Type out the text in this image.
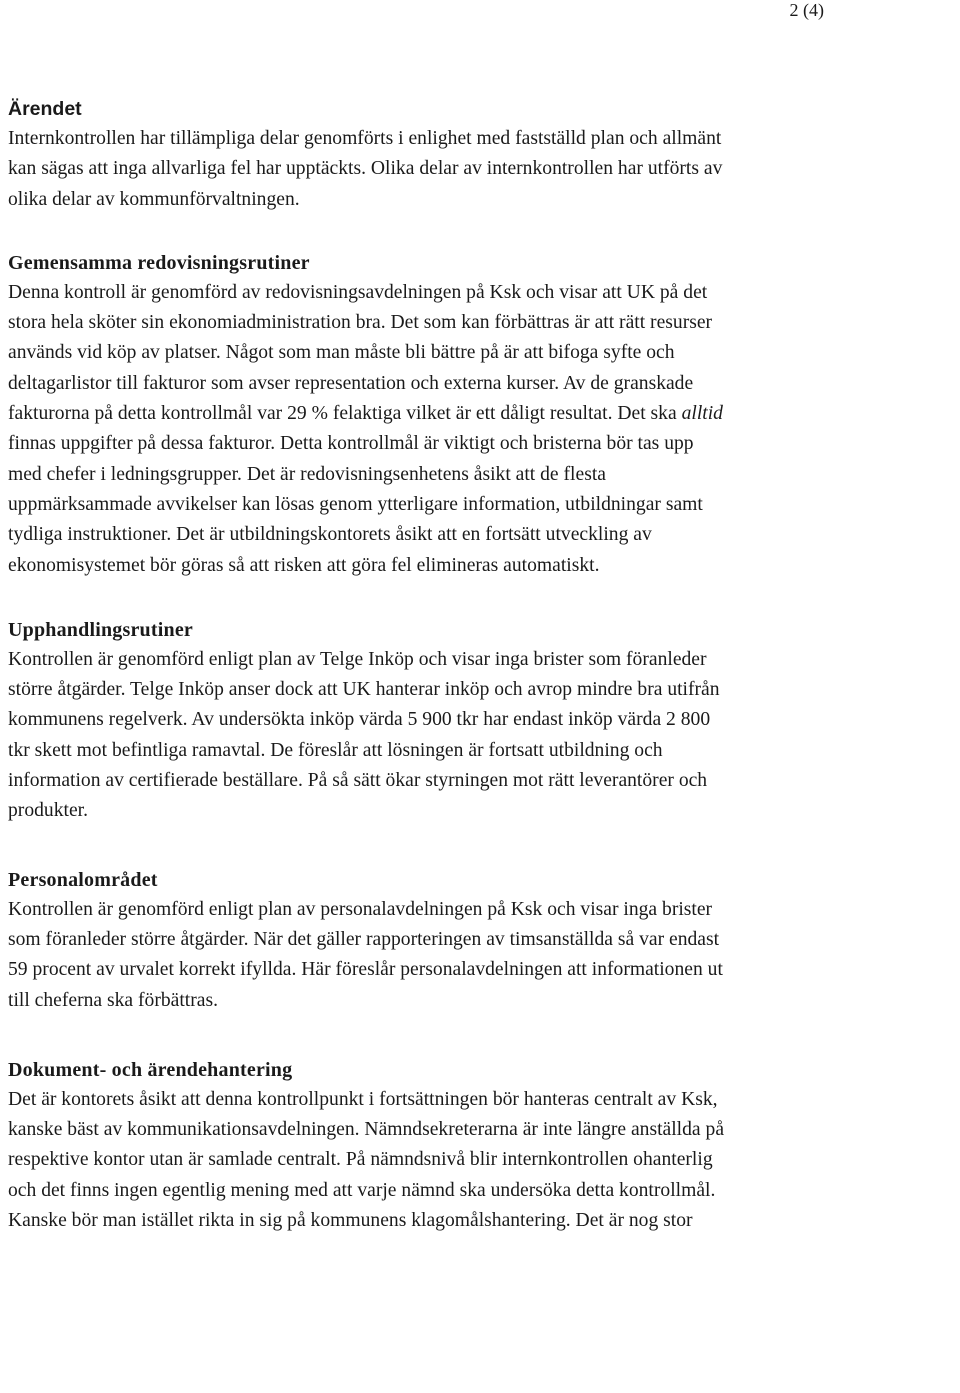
2 (4)
Ärendet
Internkontrollen har tillämpliga delar genomförts i enlighet med fastställd plan och allmänt
kan sägas att inga allvarliga fel har upptäckts. Olika delar av internkontrollen har utförts av
olika delar av kommunförvaltningen.
Gemensamma redovisningsrutiner
Denna kontroll är genomförd av redovisningsavdelningen på Ksk och visar att UK på det
stora hela sköter sin ekonomiadministration bra. Det som kan förbättras är att rätt resurser
används vid köp av platser. Något som man måste bli bättre på är att bifoga syfte och
deltagarlistor till fakturor som avser representation och externa kurser. Av de granskade
fakturorna på detta kontrollmål var 29 % felaktiga vilket är ett dåligt resultat. Det ska alltid
finnas uppgifter på dessa fakturor. Detta kontrollmål är viktigt och bristerna bör tas upp
med chefer i ledningsgrupper. Det är redovisningsenhetens åsikt att de flesta
uppmärksammade avvikelser kan lösas genom ytterligare information, utbildningar samt
tydliga instruktioner. Det är utbildningskontorets åsikt att en fortsätt utveckling av
ekonomisystemet bör göras så att risken att göra fel elimineras automatiskt.
Upphandlingsrutiner
Kontrollen är genomförd enligt plan av Telge Inköp och visar inga brister som föranleder
större åtgärder. Telge Inköp anser dock att UK hanterar inköp och avrop mindre bra utifrån
kommunens regelverk. Av undersökta inköp värda 5 900 tkr har endast inköp värda 2 800
tkr skett mot befintliga ramavtal. De föreslår att lösningen är fortsatt utbildning och
information av certifierade beställare. På så sätt ökar styrningen mot rätt leverantörer och
produkter.
Personalområdet
Kontrollen är genomförd enligt plan av personalavdelningen på Ksk och visar inga brister
som föranleder större åtgärder. När det gäller rapporteringen av timsanställda så var endast
59 procent av urvalet korrekt ifyllda. Här föreslår personalavdelningen att informationen ut
till cheferna ska förbättras.
Dokument- och ärendehantering
Det är kontorets åsikt att denna kontrollpunkt i fortsättningen bör hanteras centralt av Ksk,
kanske bäst av kommunikationsavdelningen. Nämndsekreterarna är inte längre anställda på
respektive kontor utan är samlade centralt. På nämndsnivå blir internkontrollen ohanterlig
och det finns ingen egentlig mening med att varje nämnd ska undersöka detta kontrollmål.
Kanske bör man istället rikta in sig på kommunens klagomålshantering. Det är nog stor
